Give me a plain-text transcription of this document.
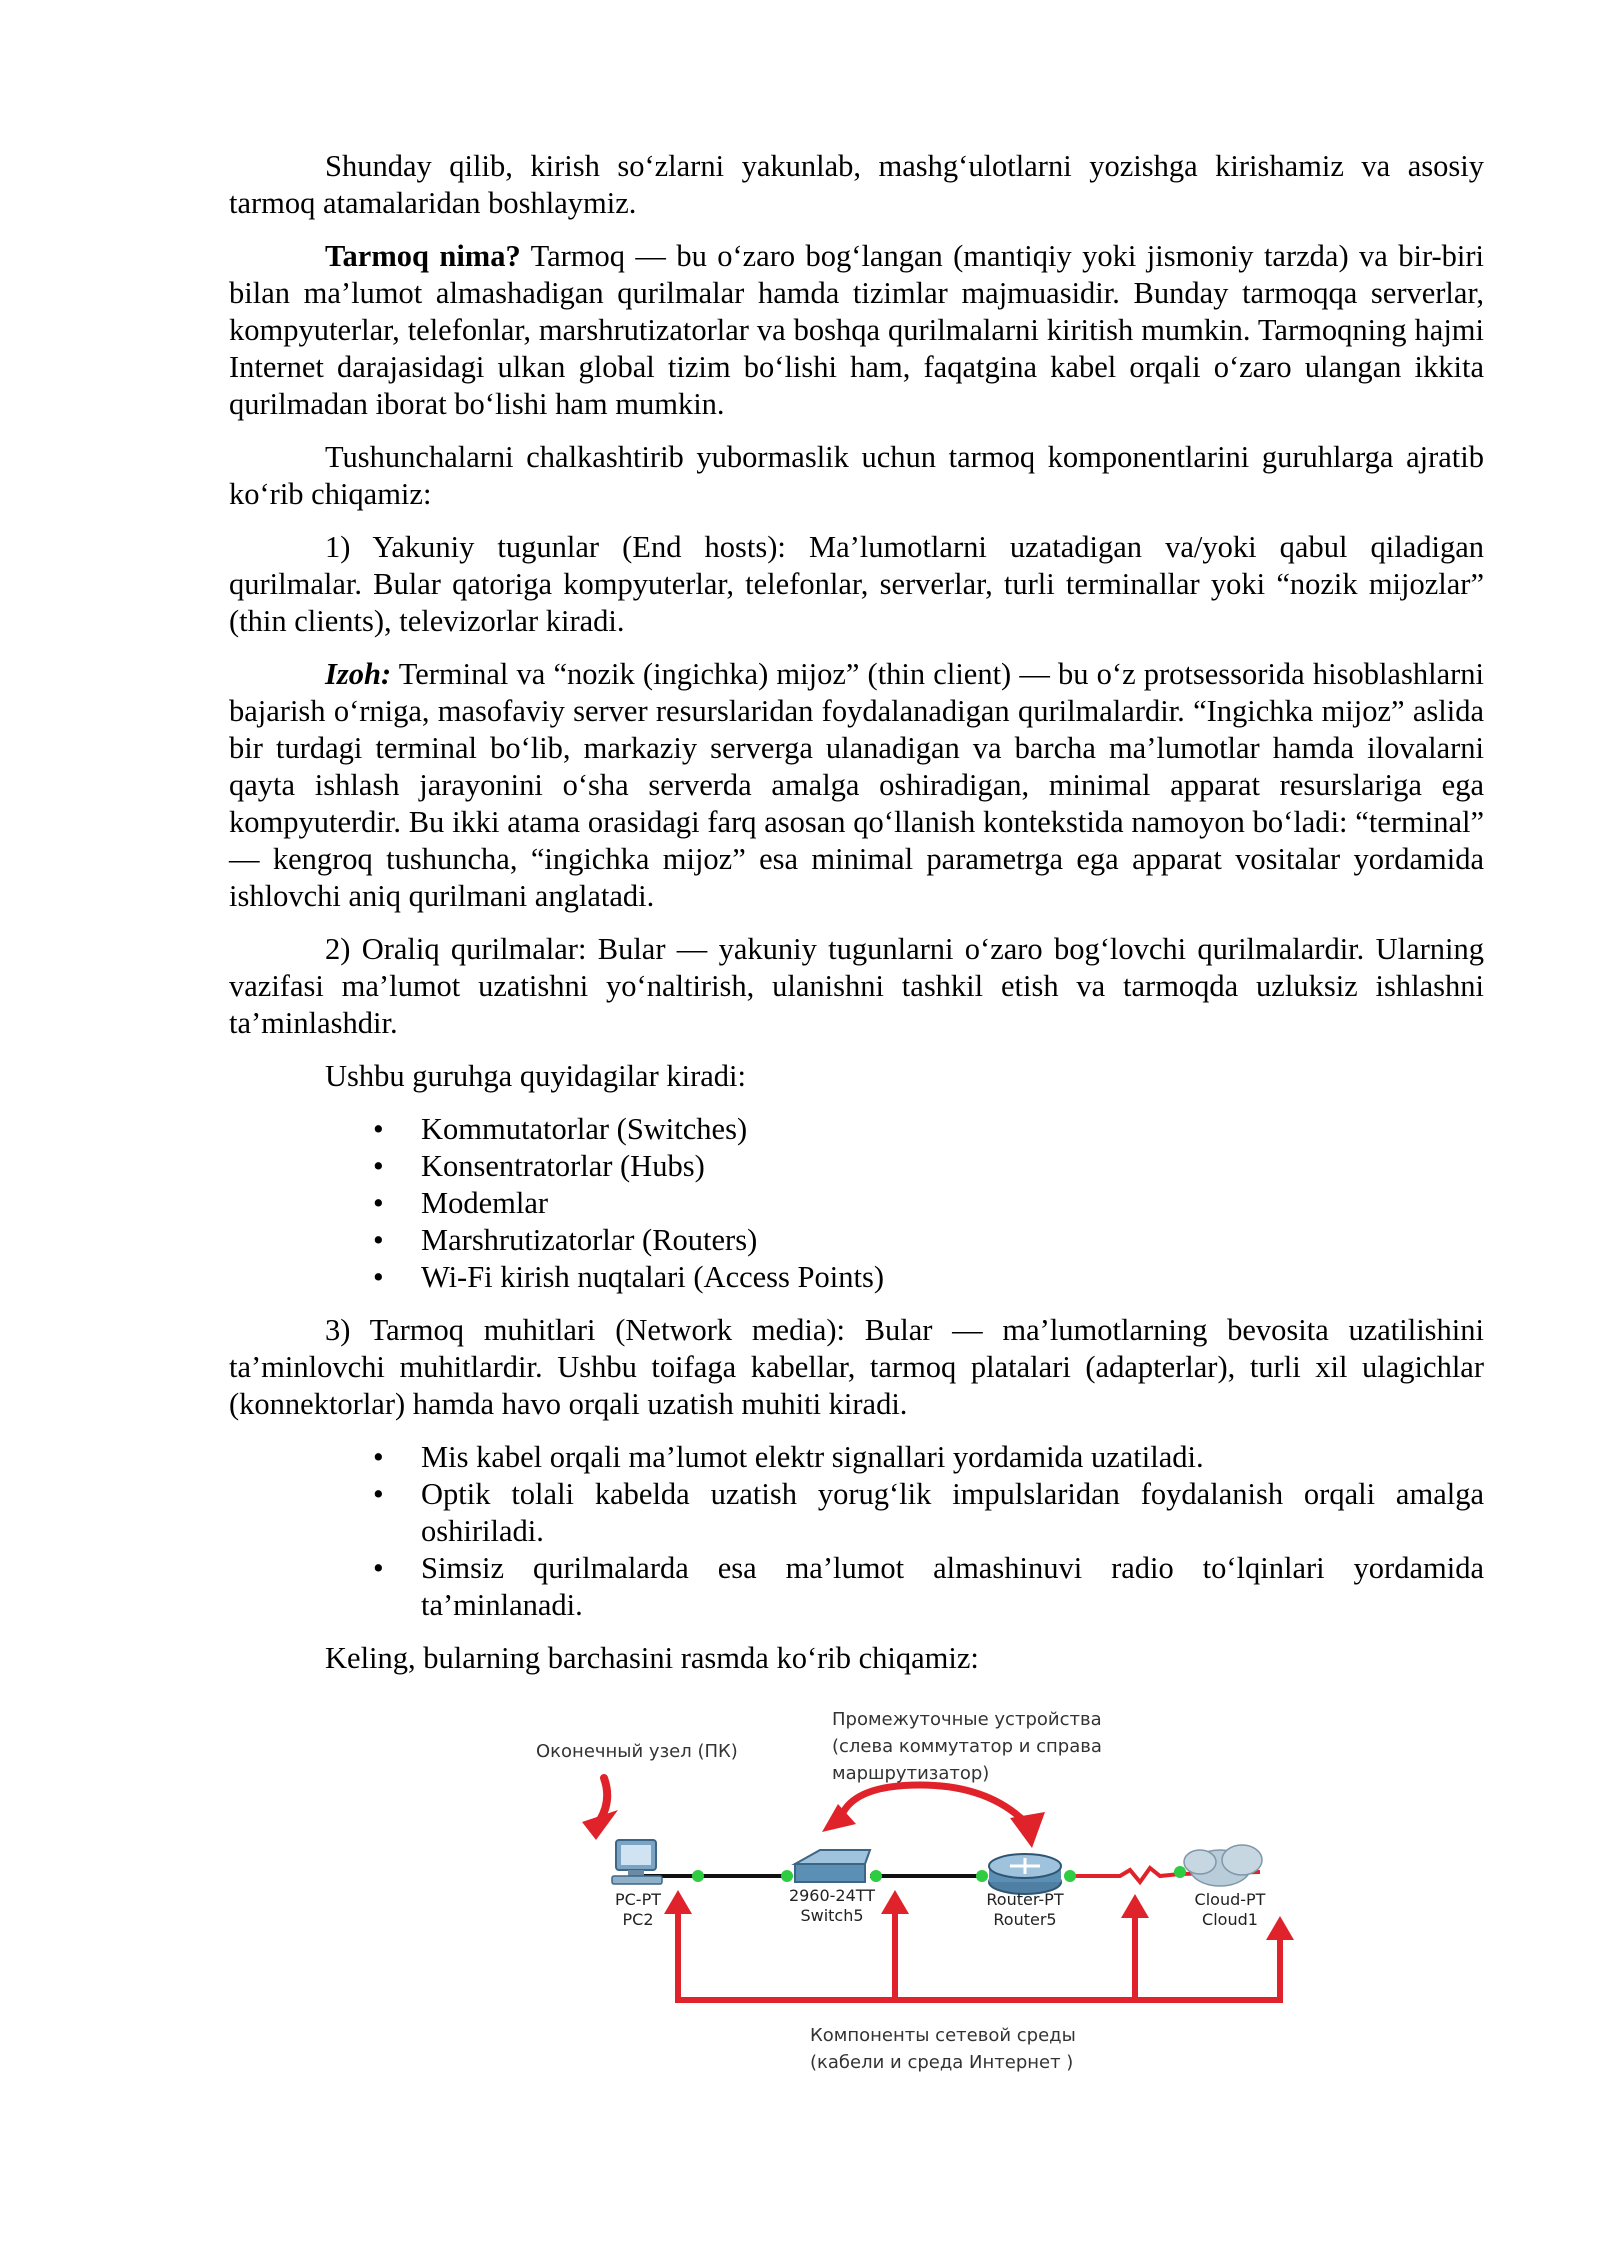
Shunday qilib, kirish so‘zlarni yakunlab, mashg‘ulotlarni yozishga kirishamiz va asosiy tarmoq atamalaridan boshlaymiz.

Tarmoq nima? Tarmoq — bu o‘zaro bog‘langan (mantiqiy yoki jismoniy tarzda) va bir-biri bilan ma’lumot almashadigan qurilmalar hamda tizimlar majmuasidir. Bunday tarmoqqa serverlar, kompyuterlar, telefonlar, marshrutizatorlar va boshqa qurilmalarni kiritish mumkin. Tarmoqning hajmi Internet darajasidagi ulkan global tizim bo‘lishi ham, faqatgina kabel orqali o‘zaro ulangan ikkita qurilmadan iborat bo‘lishi ham mumkin.

Tushunchalarni chalkashtirib yubormaslik uchun tarmoq komponentlarini guruhlarga ajratib ko‘rib chiqamiz:

1) Yakuniy tugunlar (End hosts): Ma’lumotlarni uzatadigan va/yoki qabul qiladigan qurilmalar. Bular qatoriga kompyuterlar, telefonlar, serverlar, turli terminallar yoki “nozik mijozlar” (thin clients), televizorlar kiradi.

Izoh: Terminal va “nozik (ingichka) mijoz” (thin client) — bu o‘z protsessorida hisoblashlarni bajarish o‘rniga, masofaviy server resurslaridan foydalanadigan qurilmalardir. “Ingichka mijoz” aslida bir turdagi terminal bo‘lib, markaziy serverga ulanadigan va barcha ma’lumotlar hamda ilovalarni qayta ishlash jarayonini o‘sha serverda amalga oshiradigan, minimal apparat resurslariga ega kompyuterdir. Bu ikki atama orasidagi farq asosan qo‘llanish kontekstida namoyon bo‘ladi: “terminal” — kengroq tushuncha, “ingichka mijoz” esa minimal parametrga ega apparat vositalar yordamida ishlovchi aniq qurilmani anglatadi.

2) Oraliq qurilmalar: Bular — yakuniy tugunlarni o‘zaro bog‘lovchi qurilmalardir. Ularning vazifasi ma’lumot uzatishni yo‘naltirish, ulanishni tashkil etish va tarmoqda uzluksiz ishlashni ta’minlashdir.

Ushbu guruhga quyidagilar kiradi:

• Kommutatorlar (Switches)
• Konsentratorlar (Hubs)
• Modemlar
• Marshrutizatorlar (Routers)
• Wi-Fi kirish nuqtalari (Access Points)

3) Tarmoq muhitlari (Network media): Bular — ma’lumotlarning bevosita uzatilishini ta’minlovchi muhitlardir. Ushbu toifaga kabellar, tarmoq platalari (adapterlar), turli xil ulagichlar (konnektorlar) hamda havo orqali uzatish muhiti kiradi.

• Mis kabel orqali ma’lumot elektr signallari yordamida uzatiladi.
• Optik tolali kabelda uzatish yorug‘lik impulslaridan foydalanish orqali amalga oshiriladi.
• Simsiz qurilmalarda esa ma’lumot almashinuvi radio to‘lqinlari yordamida ta’minlanadi.

Keling, bularning barchasini rasmda ko‘rib chiqamiz:

Оконечный узел (ПК)
Промежуточные устройства
(слева коммутатор и справа
маршрутизатор)
Компоненты сетевой среды
(кабели и среда Интернет )
PC-PT
PC2
2960-24TT
Switch5
Router-PT
Router5
Cloud-PT
Cloud1
